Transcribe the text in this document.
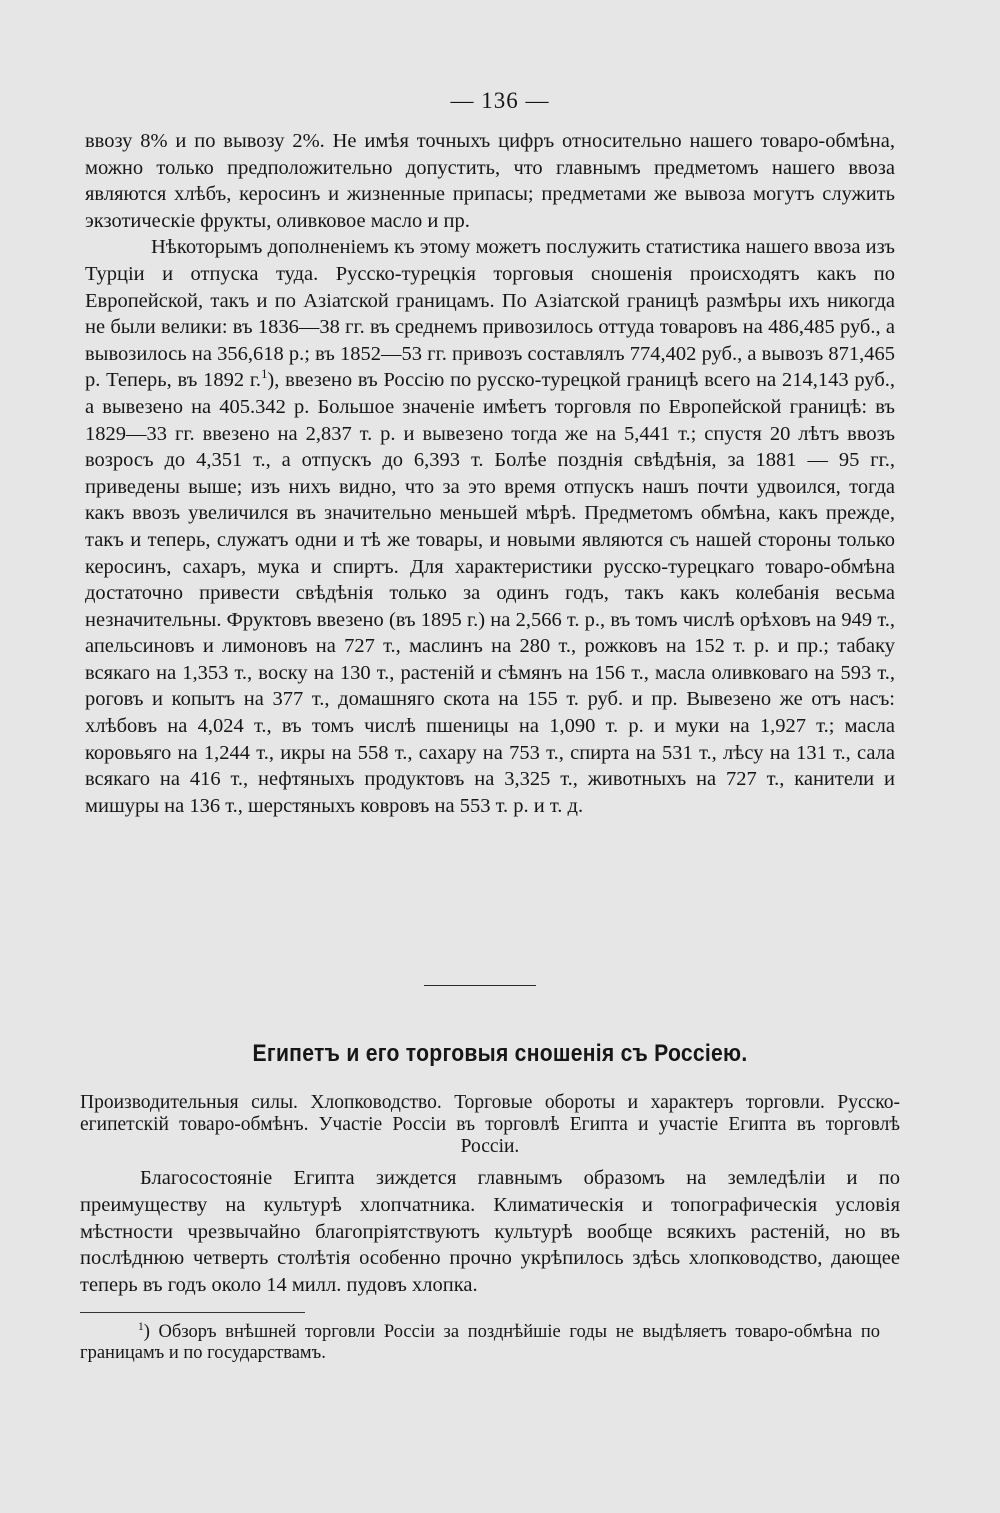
— 136 —

ввозу 8% и по вывозу 2%. Не имѣя точныхъ цифръ относительно нашего товаро-обмѣна, можно только предположительно допустить, что главнымъ предметомъ нашего ввоза являются хлѣбъ, керосинъ и жизненные припасы; предметами же вывоза могутъ служить экзотическіе фрукты, оливковое масло и пр.

Нѣкоторымъ дополненіемъ къ этому можетъ послужить статистика нашего ввоза изъ Турціи и отпуска туда. Русско-турецкія торговыя сношенія происходятъ какъ по Европейской, такъ и по Азіатской границамъ. По Азіатской границѣ размѣры ихъ никогда не были велики: въ 1836—38 гг. въ среднемъ привозилось оттуда товаровъ на 486,485 руб., а вывозилось на 356,618 р.; въ 1852—53 гг. привозъ составлялъ 774,402 руб., а вывозъ 871,465 р. Теперь, въ 1892 г.$^1$), ввезено въ Россію по русско-турецкой границѣ всего на 214,143 руб., а вывезено на 405.342 р. Большое значеніе имѣетъ торговля по Европейской границѣ: въ 1829—33 гг. ввезено на 2,837 т. р. и вывезено тогда же на 5,441 т.; спустя 20 лѣтъ ввозъ возросъ до 4,351 т., а отпускъ до 6,393 т. Болѣе позднія свѣдѣнія, за 1881 — 95 гг., приведены выше; изъ нихъ видно, что за это время отпускъ нашъ почти удвоился, тогда какъ ввозъ увеличился въ значительно меньшей мѣрѣ. Предметомъ обмѣна, какъ прежде, такъ и теперь, служатъ одни и тѣ же товары, и новыми являются съ нашей стороны только керосинъ, сахаръ, мука и спиртъ. Для характеристики русско-турецкаго товаро-обмѣна достаточно привести свѣдѣнія только за одинъ годъ, такъ какъ колебанія весьма незначительны. Фруктовъ ввезено (въ 1895 г.) на 2,566 т. р., въ томъ числѣ орѣховъ на 949 т., апельсиновъ и лимоновъ на 727 т., маслинъ на 280 т., рожковъ на 152 т. р. и пр.; табаку всякаго на 1,353 т., воску на 130 т., растеній и сѣмянъ на 156 т., масла оливковаго на 593 т., роговъ и копытъ на 377 т., домашняго скота на 155 т. руб. и пр. Вывезено же отъ насъ: хлѣбовъ на 4,024 т., въ томъ числѣ пшеницы на 1,090 т. р. и муки на 1,927 т.; масла коровьяго на 1,244 т., икры на 558 т., сахару на 753 т., спирта на 531 т., лѣсу на 131 т., сала всякаго на 416 т., нефтяныхъ продуктовъ на 3,325 т., животныхъ на 727 т., канители и мишуры на 136 т., шерстяныхъ ковровъ на 553 т. р. и т. д.

Египетъ и его торговыя сношенія съ Россіею.
Производительныя силы. Хлопководство. Торговые обороты и характеръ торговли. Русско-египетскій товаро-обмѣнъ. Участіе Россіи въ торговлѣ Египта и участіе Египта въ торговлѣ Россіи.

Благосостояніе Египта зиждется главнымъ образомъ на земледѣліи и по преимуществу на культурѣ хлопчатника. Климатическія и топографическія условія мѣстности чрезвычайно благопріятствуютъ культурѣ вообще всякихъ растеній, но въ послѣднюю четверть столѣтія особенно прочно укрѣпилось здѣсь хлопководство, дающее теперь въ годъ около 14 милл. пудовъ хлопка.

$^1$) Обзоръ внѣшней торговли Россіи за позднѣйшіе годы не выдѣляетъ товаро-обмѣна по границамъ и по государствамъ.
